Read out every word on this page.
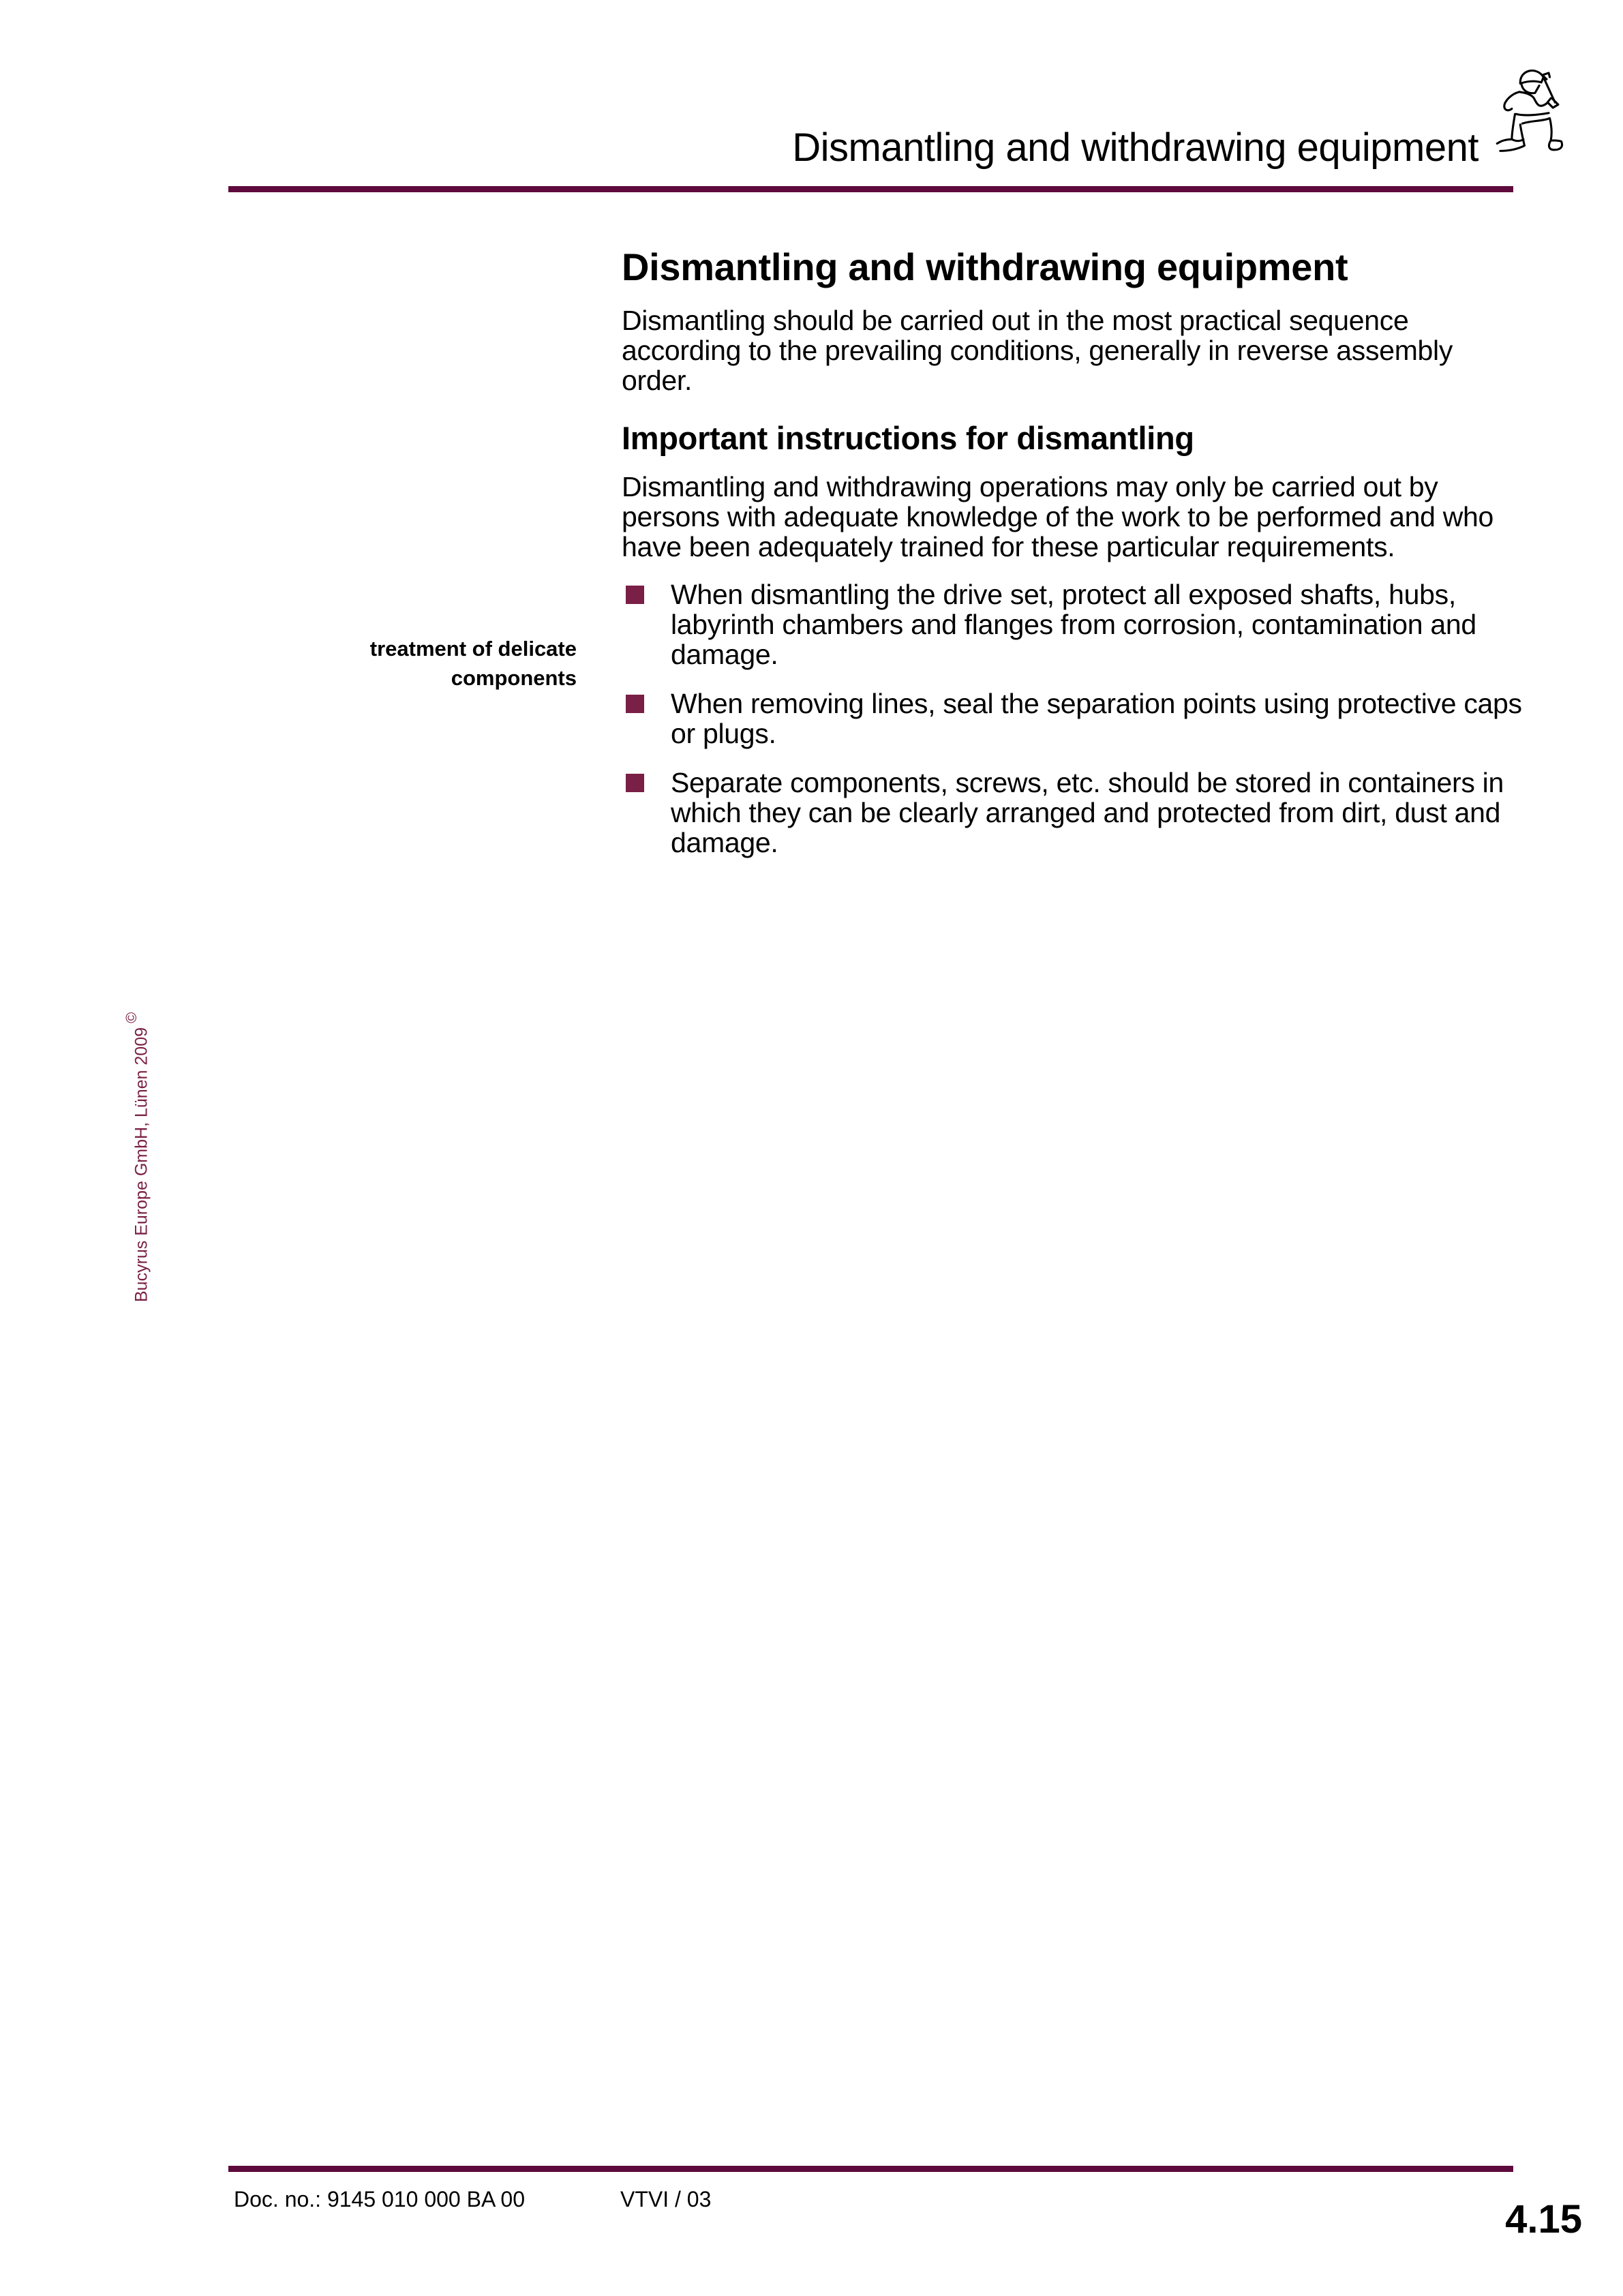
Dismantling and withdrawing equipment
Bucyrus Europe GmbH, Lünen 2009©
Dismantling and withdrawing equipment

Dismantling should be carried out in the most practical sequence according to the prevailing conditions, generally in reverse assembly order.

Important instructions for dismantling

Dismantling and withdrawing operations may only be carried out by persons with adequate knowledge of the work to be performed and who have been adequately trained for these particular requirements.

When dismantling the drive set, protect all exposed shafts, hubs, labyrinth chambers and flanges from corrosion, contamination and damage.
When removing lines, seal the separation points using protective caps or plugs.
Separate components, screws, etc. should be stored in containers in which they can be clearly arranged and protected from dirt, dust and damage.
treatment of delicate components
Doc. no.: 9145 010 000 BA 00	VTVI / 03	4.15
